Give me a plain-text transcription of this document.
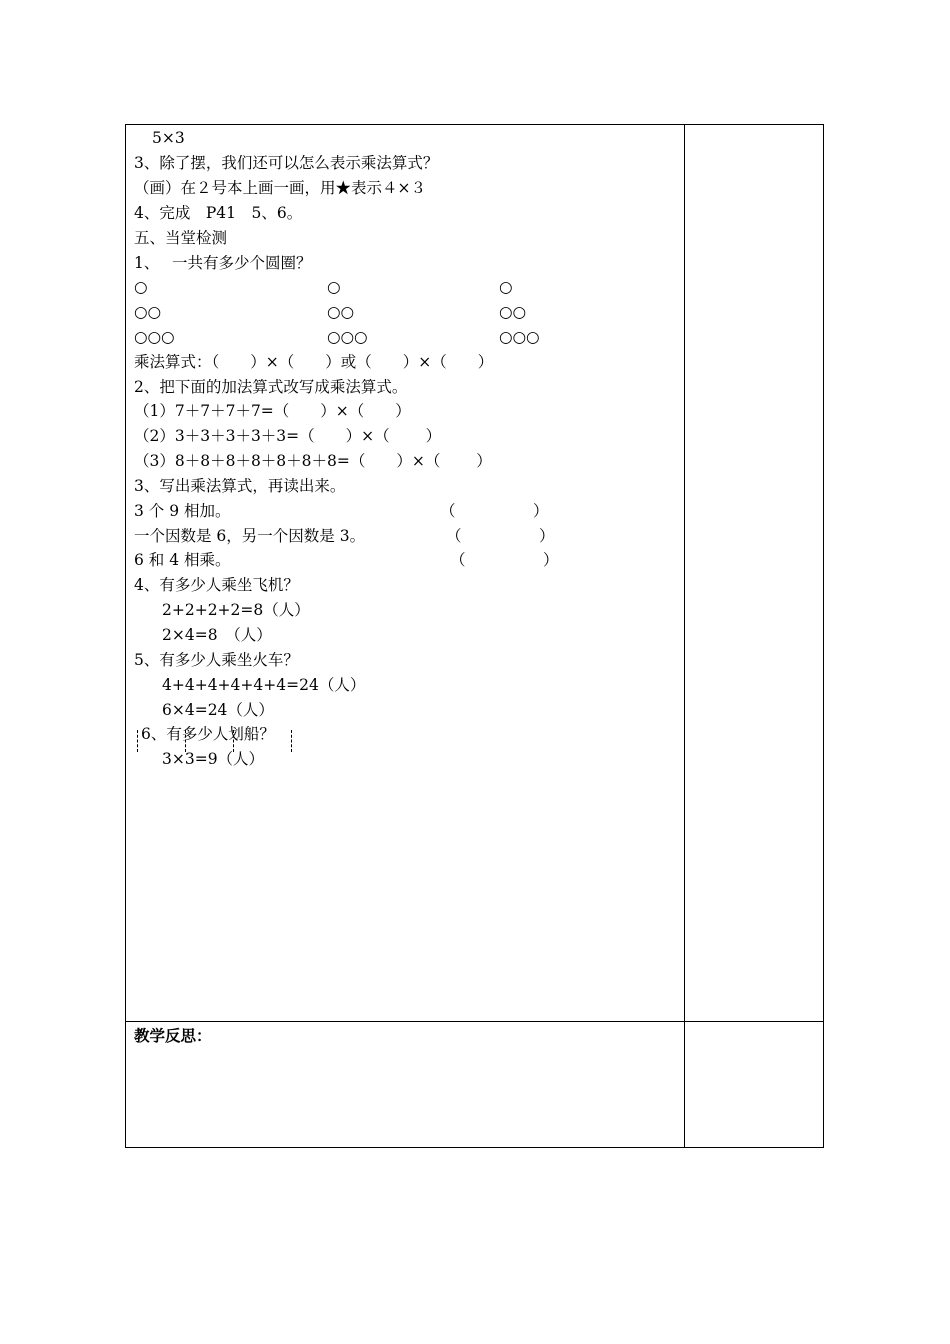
5×3
3、除了摆，我们还可以怎么表示乘法算式？
（画）在２号本上画一画，用★表示４×３
4、完成　P41　5、6。
五、当堂检测
1、　 一共有多少个圆圈？
○	○	○
○○	○○	○○
○○○	○○○	○○○
乘法算式：（　　）×（　　）或（　　）×（　　）
2、把下面的加法算式改写成乘法算式。
（1）7＋7＋7＋7=（　　）×（　　）
（2）3＋3＋3＋3＋3=（　　）×（　　 ）
（3）8＋8＋8＋8＋8＋8＋8=（　　）×（　　 ）
3、写出乘法算式，再读出来。
3 个 9 相加。	（　　　　　）
一个因数是 6，另一个因数是 3。	（　　　　　）
6 和 4 相乘。	（　　　　　）
4、有多少人乘坐飞机？
2+2+2+2=8（人）
2×4=8　（人）
5、有多少人乘坐火车？
4+4+4+4+4+4=24（人）
6×4=24（人）
6、有多少人划船？
3×3=9（人）
教学反思：
